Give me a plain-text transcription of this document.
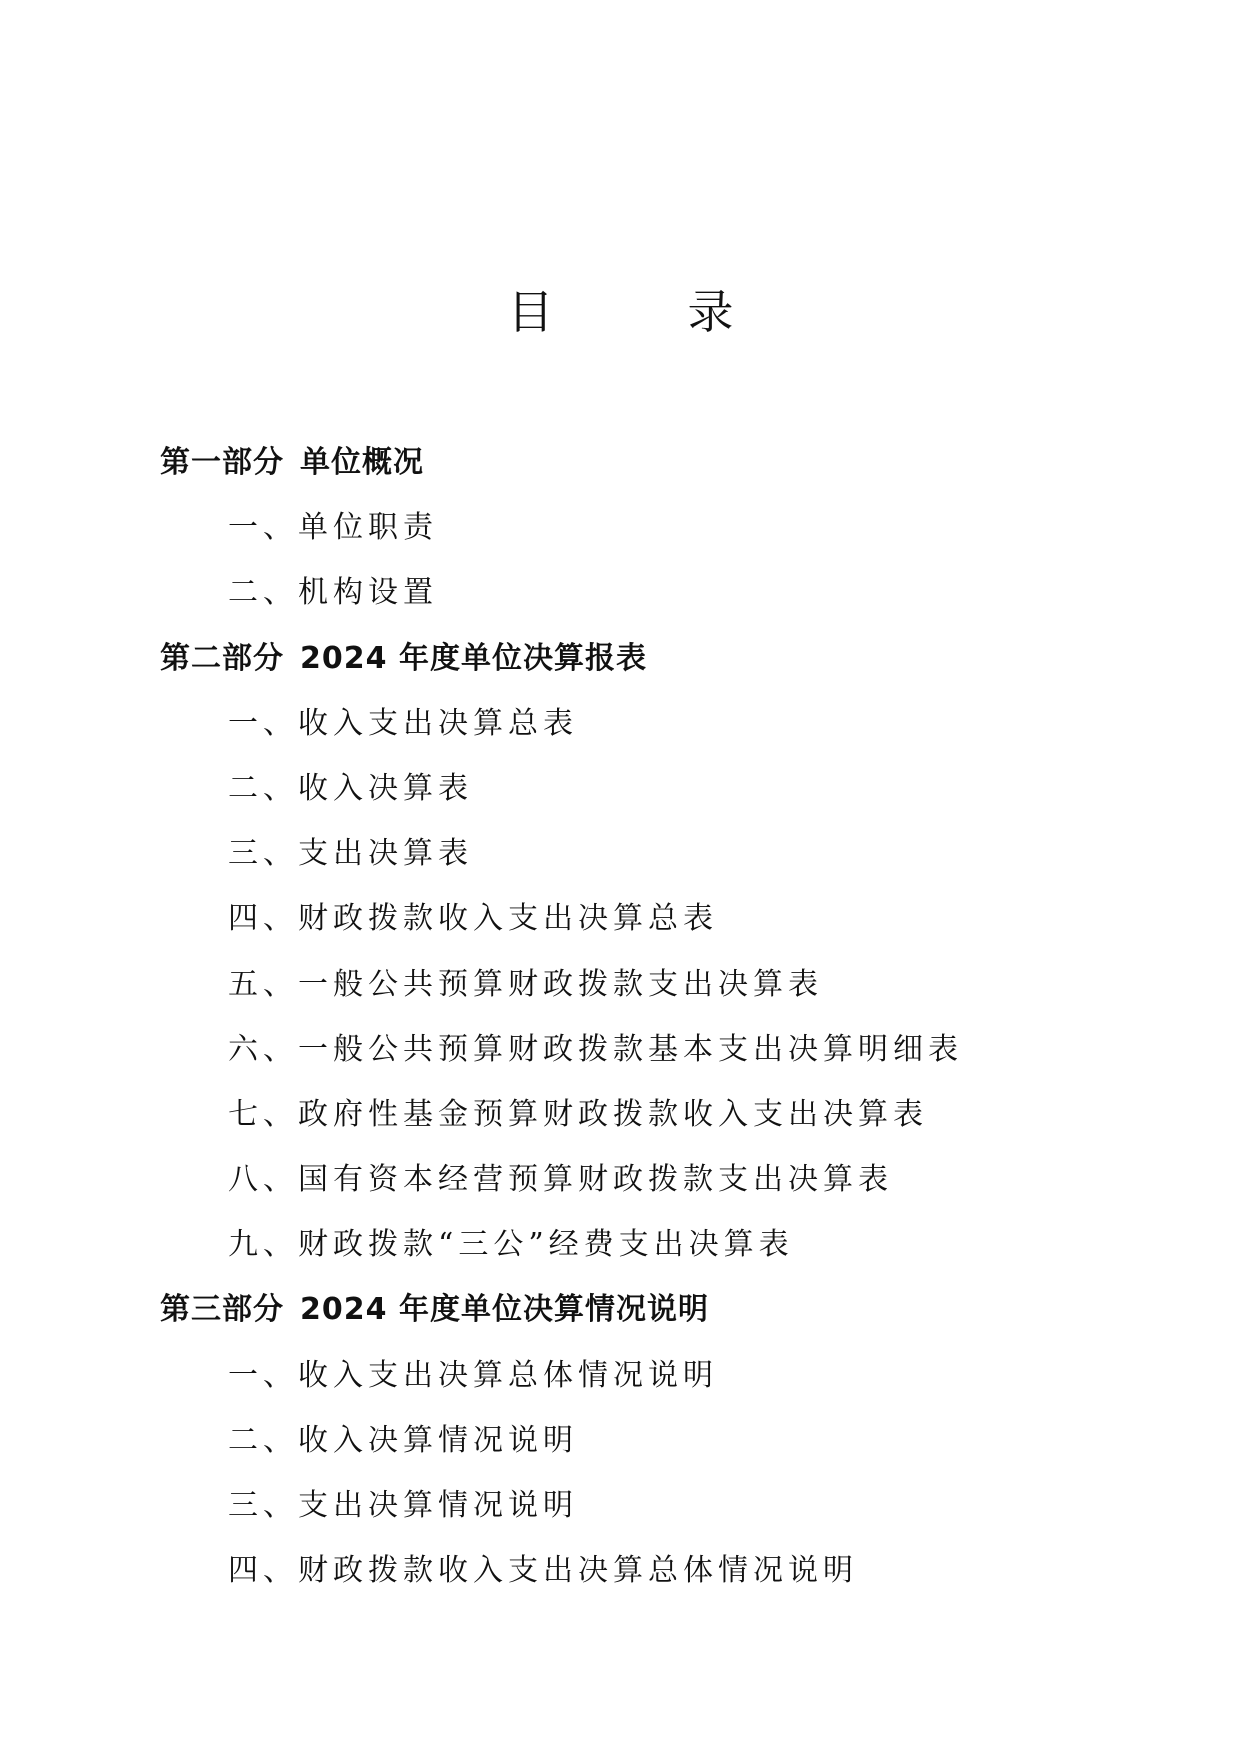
目　录
第一部分 单位概况
一、单位职责
二、机构设置
第二部分 2024 年度单位决算报表
一、收入支出决算总表
二、收入决算表
三、支出决算表
四、财政拨款收入支出决算总表
五、一般公共预算财政拨款支出决算表
六、一般公共预算财政拨款基本支出决算明细表
七、政府性基金预算财政拨款收入支出决算表
八、国有资本经营预算财政拨款支出决算表
九、财政拨款“三公”经费支出决算表
第三部分 2024 年度单位决算情况说明
一、收入支出决算总体情况说明
二、收入决算情况说明
三、支出决算情况说明
四、财政拨款收入支出决算总体情况说明
